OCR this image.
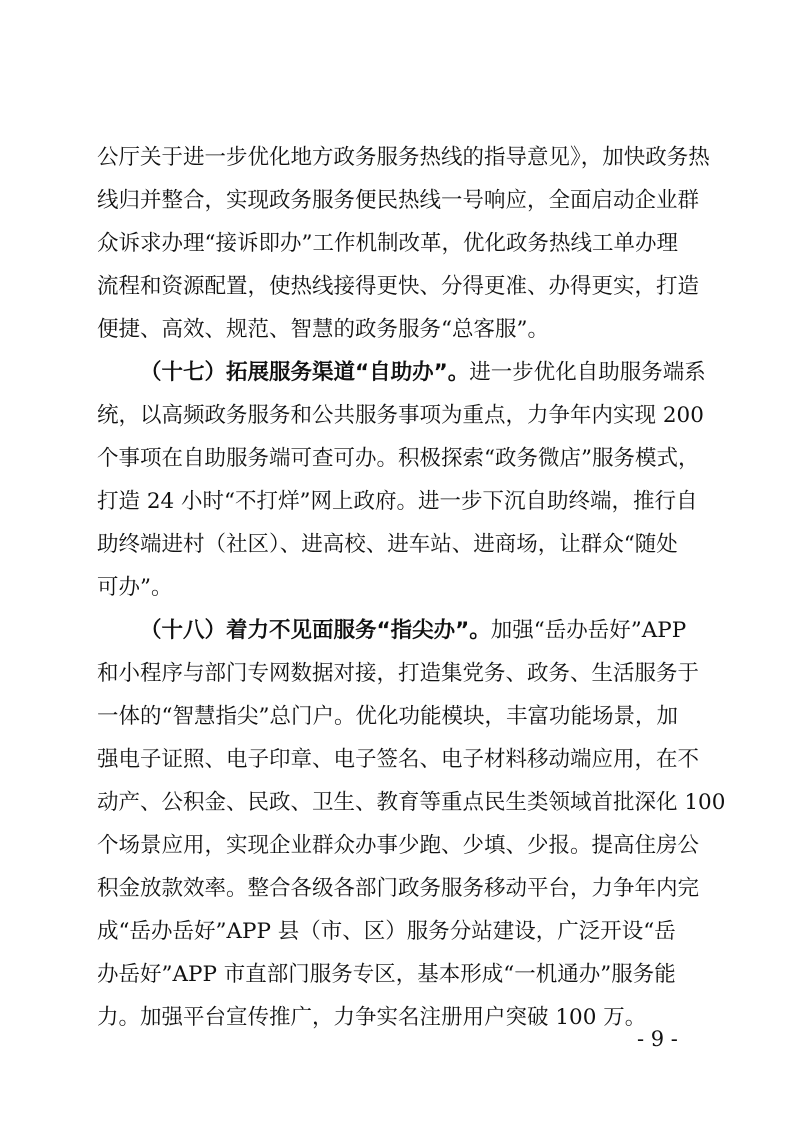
公厅关于进一步优化地方政务服务热线的指导意见》，加快政务热
线归并整合，实现政务服务便民热线一号响应，全面启动企业群
众诉求办理“接诉即办”工作机制改革，优化政务热线工单办理
流程和资源配置，使热线接得更快、分得更准、办得更实，打造
便捷、高效、规范、智慧的政务服务“总客服”。
（十七）拓展服务渠道“自助办”。进一步优化自助服务端系
统，以高频政务服务和公共服务事项为重点，力争年内实现 200
个事项在自助服务端可查可办。积极探索“政务微店”服务模式，
打造 24 小时“不打烊”网上政府。进一步下沉自助终端，推行自
助终端进村（社区）、进高校、进车站、进商场，让群众“随处
可办”。
（十八）着力不见面服务“指尖办”。加强“岳办岳好”APP
和小程序与部门专网数据对接，打造集党务、政务、生活服务于
一体的“智慧指尖”总门户。优化功能模块，丰富功能场景，加
强电子证照、电子印章、电子签名、电子材料移动端应用，在不
动产、公积金、民政、卫生、教育等重点民生类领域首批深化 100
个场景应用，实现企业群众办事少跑、少填、少报。提高住房公
积金放款效率。整合各级各部门政务服务移动平台，力争年内完
成“岳办岳好”APP 县（市、区）服务分站建设，广泛开设“岳
办岳好”APP 市直部门服务专区，基本形成“一机通办”服务能
力。加强平台宣传推广，力争实名注册用户突破 100 万。
- 9 -
